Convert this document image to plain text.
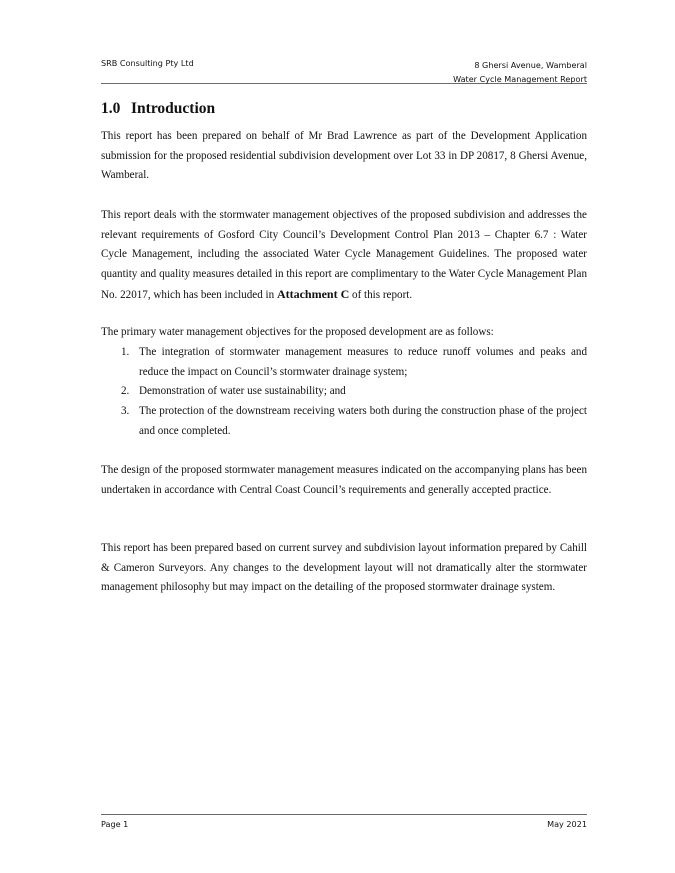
SRB Consulting Pty Ltd	8 Ghersi Avenue, Wamberal
Water Cycle Management Report
1.0 Introduction

This report has been prepared on behalf of Mr Brad Lawrence as part of the Development Application submission for the proposed residential subdivision development over Lot 33 in DP 20817, 8 Ghersi Avenue, Wamberal.

This report deals with the stormwater management objectives of the proposed subdivision and addresses the relevant requirements of Gosford City Council’s Development Control Plan 2013 – Chapter 6.7 : Water Cycle Management, including the associated Water Cycle Management Guidelines. The proposed water quantity and quality measures detailed in this report are complimentary to the Water Cycle Management Plan No. 22017, which has been included in Attachment C of this report.

The primary water management objectives for the proposed development are as follows:

1. The integration of stormwater management measures to reduce runoff volumes and peaks and reduce the impact on Council’s stormwater drainage system;
2. Demonstration of water use sustainability; and
3. The protection of the downstream receiving waters both during the construction phase of the project and once completed.

The design of the proposed stormwater management measures indicated on the accompanying plans has been undertaken in accordance with Central Coast Council’s requirements and generally accepted practice.

This report has been prepared based on current survey and subdivision layout information prepared by Cahill & Cameron Surveyors. Any changes to the development layout will not dramatically alter the stormwater management philosophy but may impact on the detailing of the proposed stormwater drainage system.

Page 1	May 2021
